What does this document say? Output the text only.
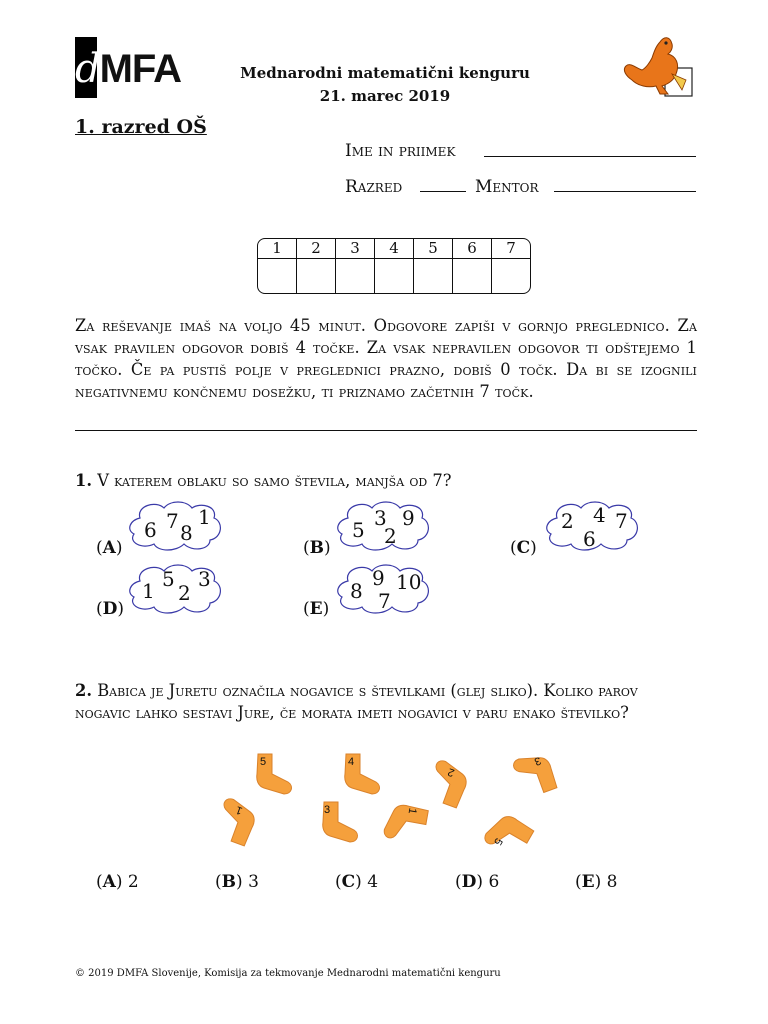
dMFA	Mednarodni matematični kenguru
21. marec 2019
1. razred OŠ
Ime in priimek
Razred	Mentor
1	2	3	4	5	6	7

Za reševanje imaš na voljo 45 minut. Odgovore zapiši v gornjo preglednico. Za vsak pravilen odgovor dobiš 4 točke. Za vsak nepravilen odgovor ti odštejemo 1 točko. Če pa pustiš polje v preglednici prazno, dobiš 0 točk. Da bi se izognili negativnemu končnemu dosežku, ti priznamo začetnih 7 točk.
1. V katerem oblaku so samo števila, manjša od 7?
(A)	(B)	(C)
(D)	(E)
6 7 8
1
5 3
2
9	2 4
6
7
1 5
2
3	8
9
7
10
2. Babica je Juretu označila nogavice s številkami (glej sliko). Koliko parov nogavic lahko sestavi Jure, če morata imeti nogavici v paru enako številko?
5	4
2
3
3
1	1
5
(A) 2	(B) 3	(C) 4	(D) 6	(E) 8
© 2019 DMFA Slovenije, Komisija za tekmovanje Mednarodni matematični kenguru
